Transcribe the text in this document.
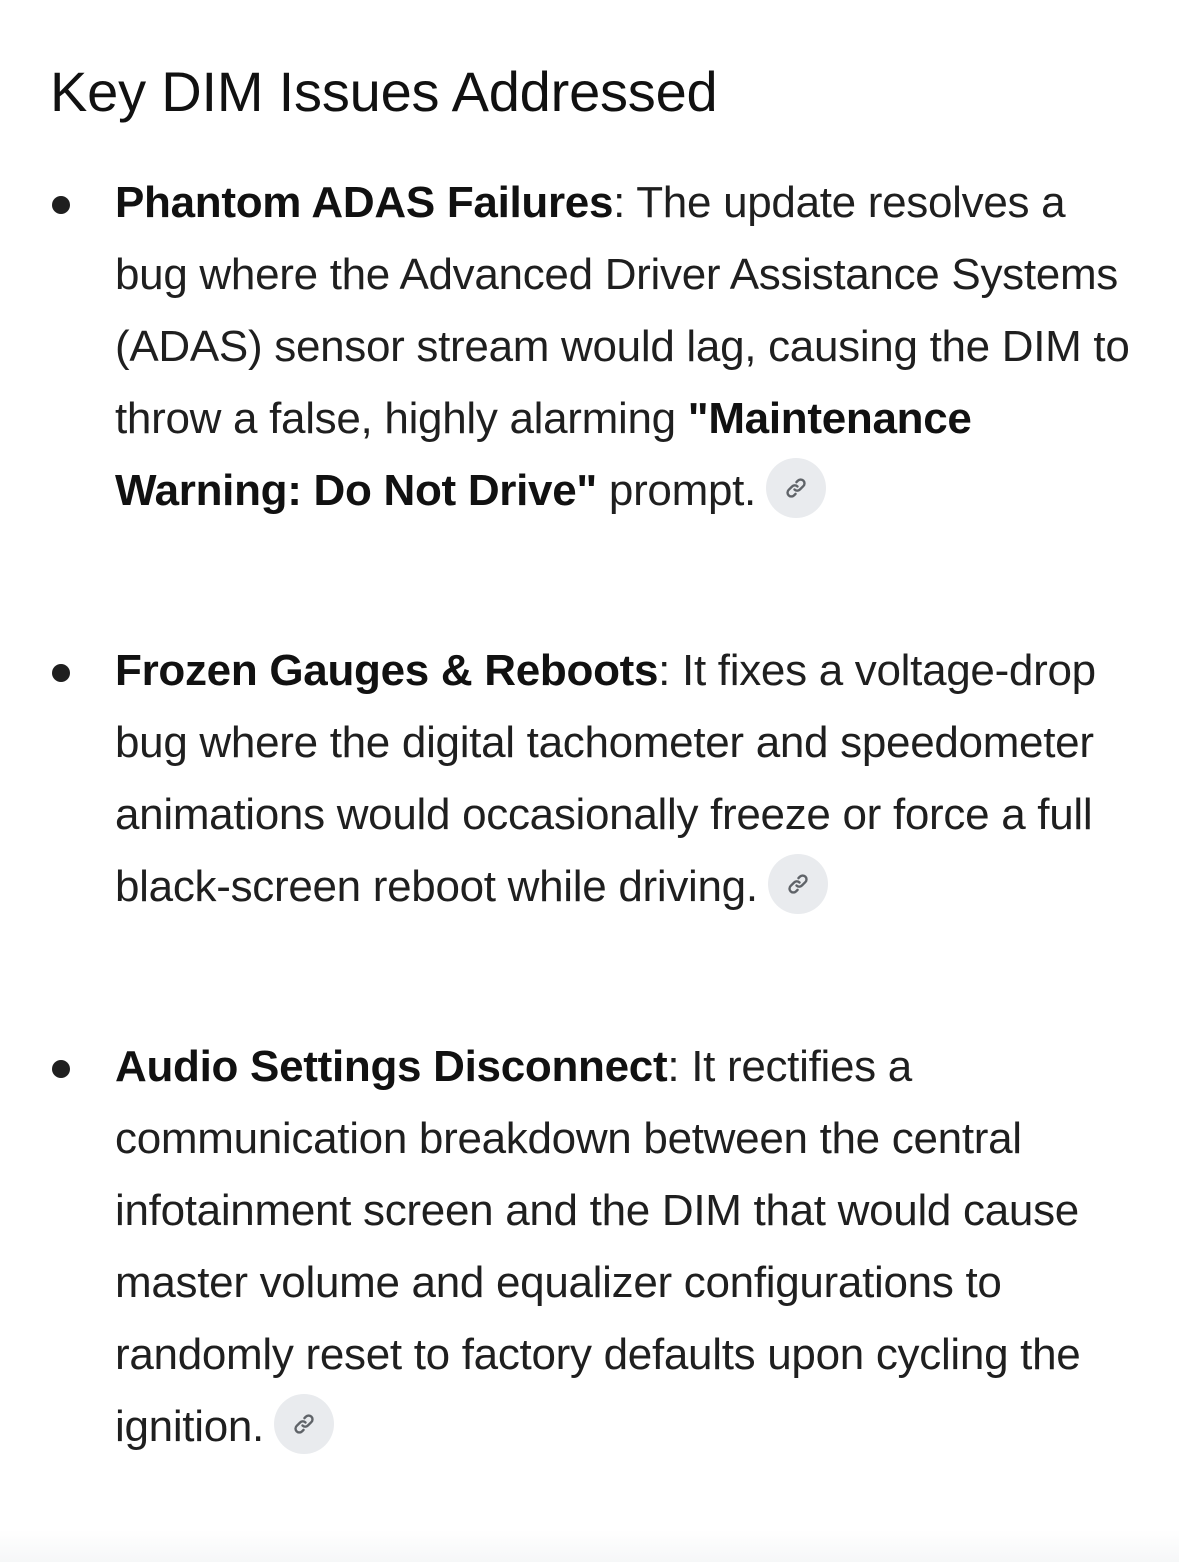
Key DIM Issues Addressed

Phantom ADAS Failures: The update resolves a bug where the Advanced Driver Assistance Systems (ADAS) sensor stream would lag, causing the DIM to throw a false, highly alarming "Maintenance Warning: Do Not Drive" prompt.

Frozen Gauges & Reboots: It fixes a voltage-drop bug where the digital tachometer and speedometer animations would occasionally freeze or force a full black-screen reboot while driving.

Audio Settings Disconnect: It rectifies a communication breakdown between the central infotainment screen and the DIM that would cause master volume and equalizer configurations to randomly reset to factory defaults upon cycling the ignition.
